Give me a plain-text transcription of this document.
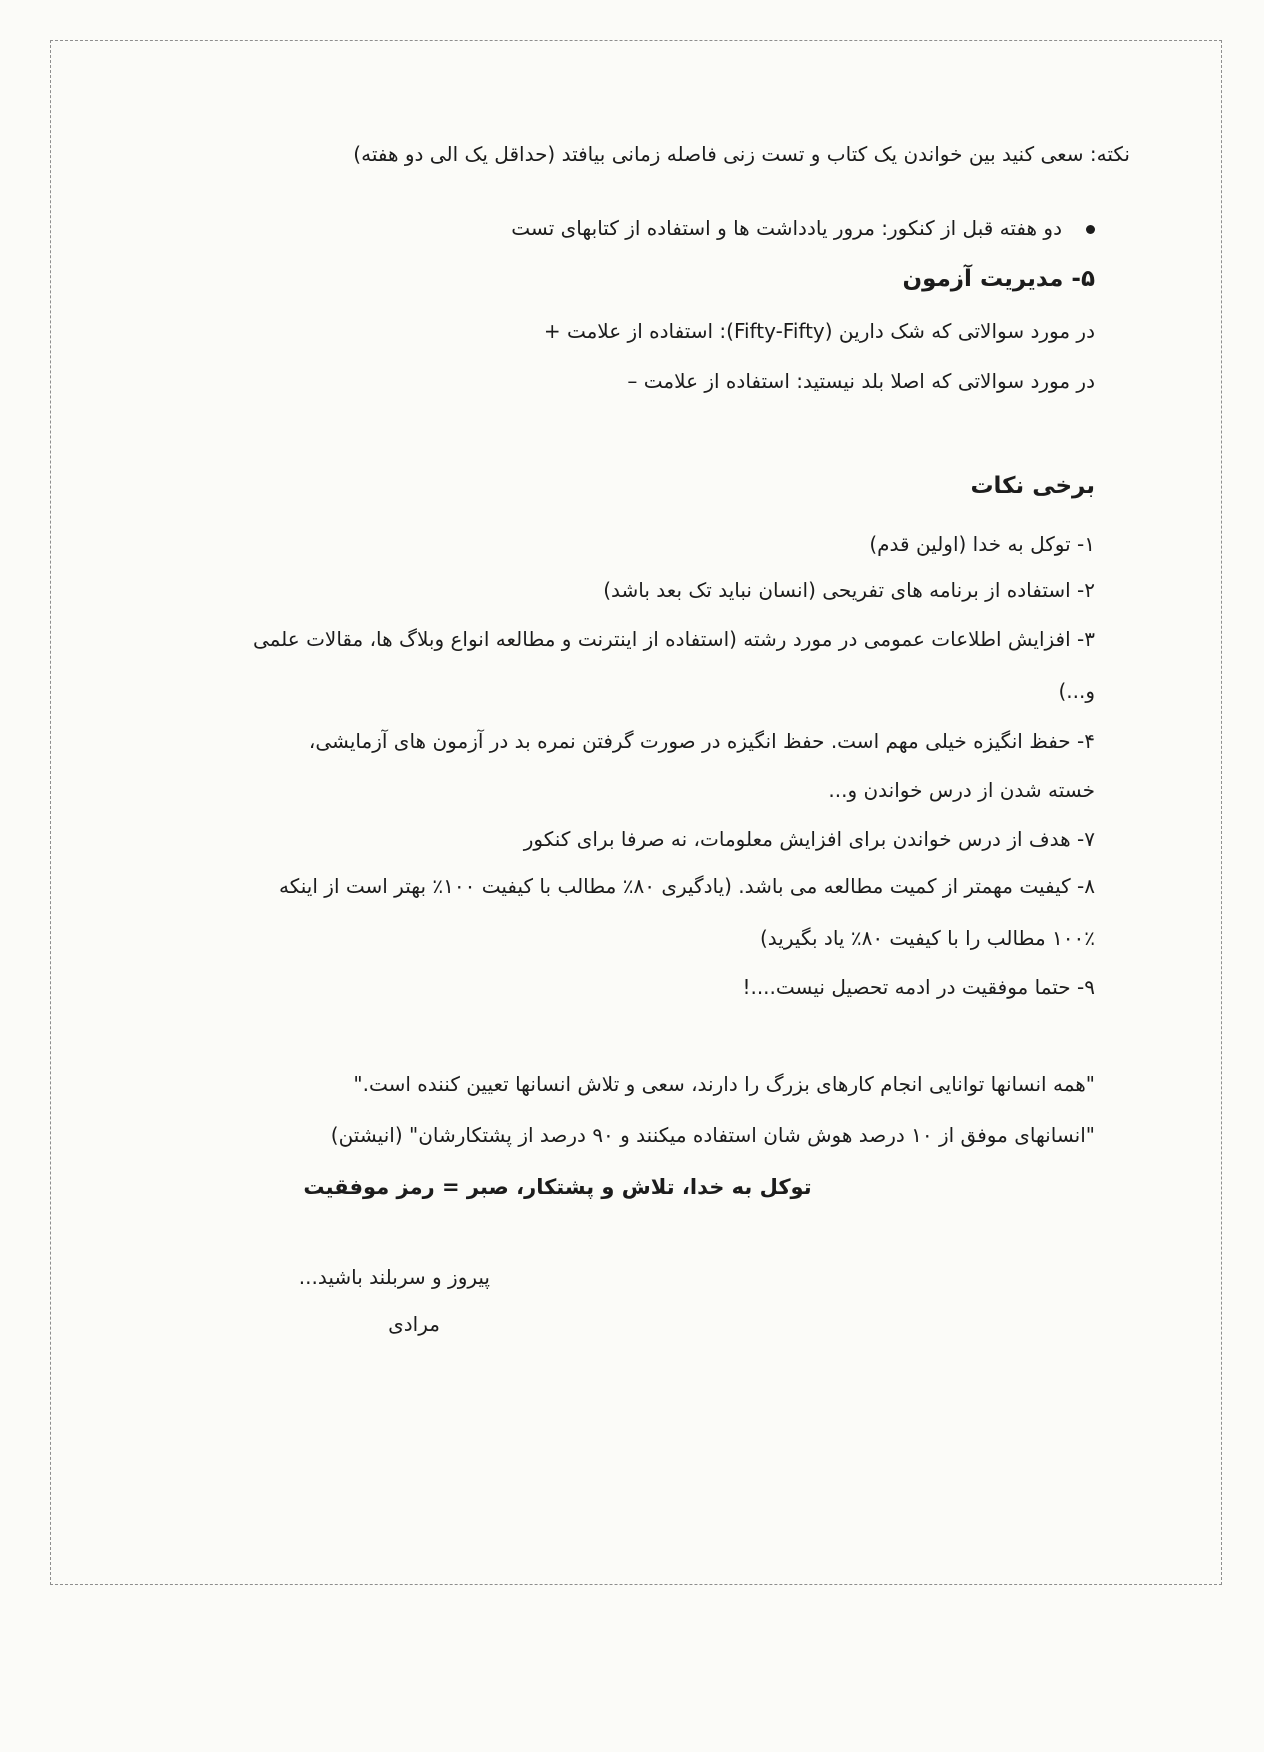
نکته: سعی کنید بین خواندن یک کتاب و تست زنی فاصله زمانی بیافتد (حداقل یک الی دو هفته)
دو هفته قبل از کنکور: مرور یادداشت ها و استفاده از کتابهای تست
۵- مدیریت آزمون
در مورد سوالاتی که شک دارین (Fifty-Fifty): استفاده از علامت +
در مورد سوالاتی که اصلا بلد نیستید: استفاده از علامت –
برخی نکات
۱- توکل به خدا (اولین قدم)
۲- استفاده از برنامه های تفریحی (انسان نباید تک بعد باشد)
۳- افزایش اطلاعات عمومی در مورد رشته (استفاده از اینترنت و مطالعه انواع وبلاگ ها، مقالات علمی
و...)
۴- حفظ انگیزه خیلی مهم است. حفظ انگیزه در صورت گرفتن نمره بد در آزمون های آزمایشی،
خسته شدن از درس خواندن و...
۷- هدف از درس خواندن برای افزایش معلومات، نه صرفا برای کنکور
۸- کیفیت مهمتر از کمیت مطالعه می باشد. (یادگیری ۸۰٪ مطالب با کیفیت ۱۰۰٪ بهتر است از اینکه
۱۰۰٪ مطالب را با کیفیت ۸۰٪ یاد بگیرید)
۹- حتما موفقیت در ادمه تحصیل نیست....!
"همه انسانها توانایی انجام کارهای بزرگ را دارند، سعی و تلاش انسانها تعیین کننده است."
"انسانهای موفق از ۱۰ درصد هوش شان استفاده میکنند و ۹۰ درصد از پشتکارشان" (انیشتن)
توکل به خدا، تلاش و پشتکار، صبر = رمز موفقیت
پیروز و سربلند باشید...
مرادی
